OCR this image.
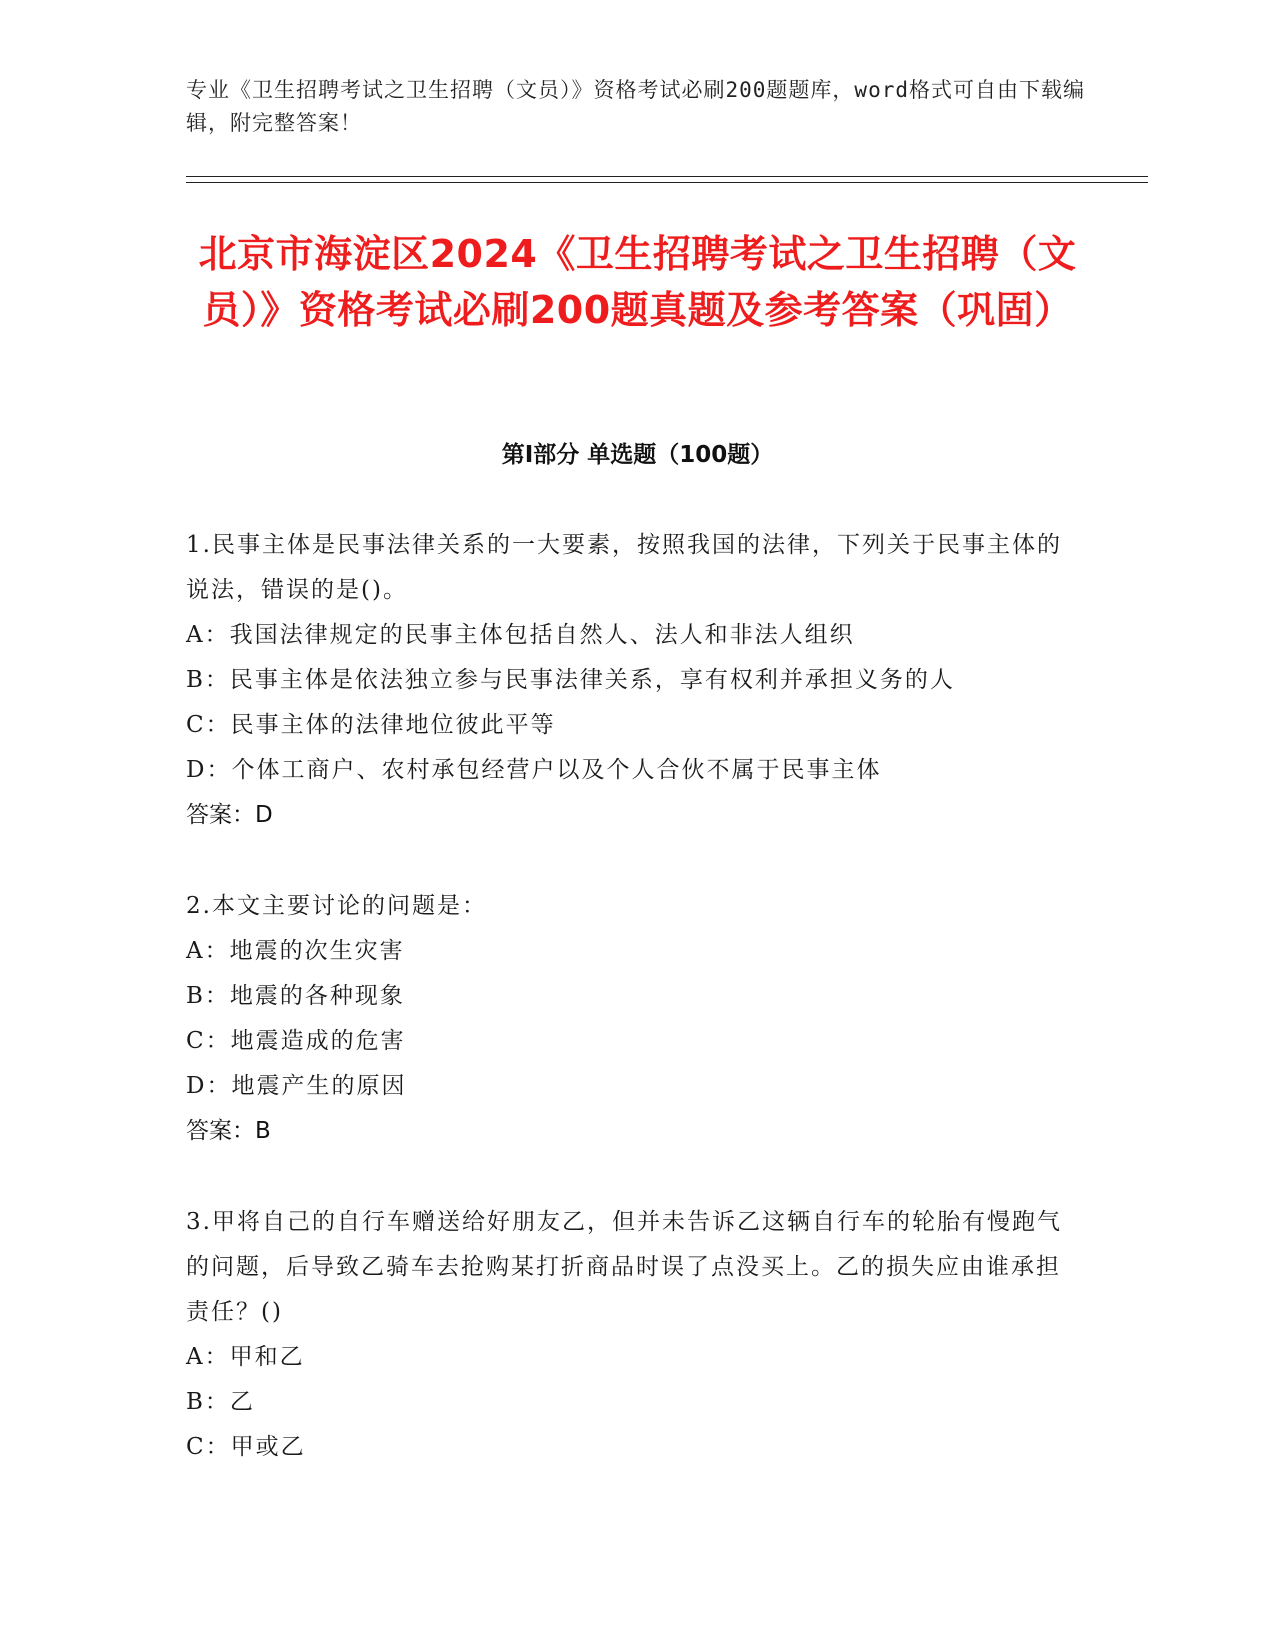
专业《卫生招聘考试之卫生招聘（文员）》资格考试必刷200题题库，word格式可自由下载编辑，附完整答案！
北京市海淀区2024《卫生招聘考试之卫生招聘（文员）》资格考试必刷200题真题及参考答案（巩固）
第Ⅰ部分 单选题（100题）

1.民事主体是民事法律关系的一大要素，按照我国的法律，下列关于民事主体的说法，错误的是()。

A：我国法律规定的民事主体包括自然人、法人和非法人组织

B：民事主体是依法独立参与民事法律关系，享有权利并承担义务的人

C：民事主体的法律地位彼此平等

D：个体工商户、农村承包经营户以及个人合伙不属于民事主体

答案：D

2.本文主要讨论的问题是：

A：地震的次生灾害

B：地震的各种现象

C：地震造成的危害

D：地震产生的原因

答案：B

3.甲将自己的自行车赠送给好朋友乙，但并未告诉乙这辆自行车的轮胎有慢跑气的问题，后导致乙骑车去抢购某打折商品时误了点没买上。乙的损失应由谁承担责任？()

A：甲和乙

B：乙

C：甲或乙
